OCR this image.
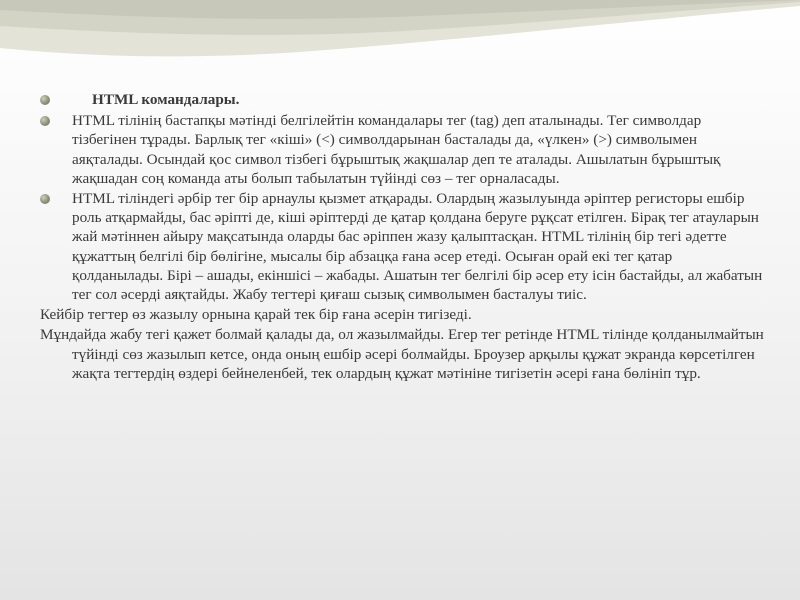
HTML командалары.
HTML тілінің бастапқы мәтінді белгілейтін командалары тег (tag) деп аталынады. Тег символдар тізбегінен тұрады. Барлық тег «кіші» (<) символдарынан басталады да, «үлкен» (>) символымен аяқталады. Осындай қос символ тізбегі бұрыштық жақшалар деп те аталады. Ашылатын бұрыштық жақшадан соң команда аты болып табылатын түйінді сөз – тег орналасады.
HTML тіліндегі әрбір тег бір арнаулы қызмет атқарады. Олардың жазылуында әріптер регисторы ешбір роль атқармайды, бас әріпті де, кіші әріптерді де қатар қолдана беруге рұқсат етілген. Бірақ тег атауларын жай мәтіннен айыру мақсатында оларды бас әріппен жазу қалыптасқан. HTML тілінің бір тегі әдетте құжаттың белгілі бір бөлігіне, мысалы бір абзацқа ғана әсер етеді. Осыған орай екі тег қатар қолданылады. Бірі – ашады, екіншісі – жабады. Ашатын тег белгілі бір әсер ету ісін бастайды, ал жабатын тег сол әсерді аяқтайды. Жабу тегтері қиғаш сызық символымен басталуы тиіс.
Кейбір тегтер өз жазылу орнына қарай тек бір ғана әсерін тигізеді.
Мұндайда жабу тегі қажет болмай қалады да, ол жазылмайды. Егер тег ретінде HTML тілінде қолданылмайтын түйінді сөз жазылып кетсе, онда оның ешбір әсері болмайды. Броузер арқылы құжат экранда көрсетілген жақта тегтердің өздері бейнеленбей, тек олардың құжат мәтініне тигізетін әсері ғана бөлініп тұр.
